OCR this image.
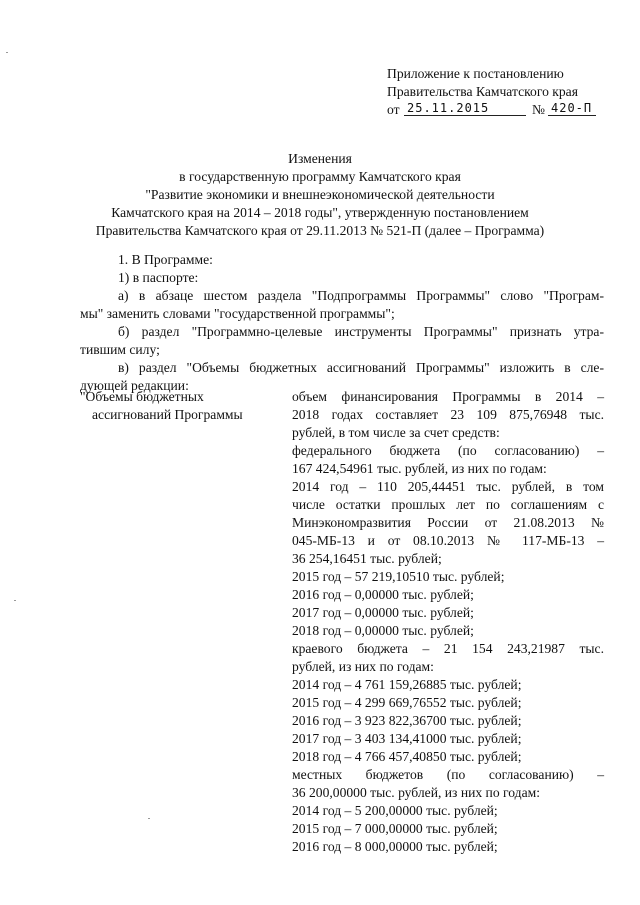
Приложение к постановлению
Правительства Камчатского края
от 25.11.2015	№ 420-П
Изменения
в государственную программу Камчатского края
"Развитие экономики и внешнеэкономической деятельности
Камчатского края на 2014 – 2018 годы", утвержденную постановлением
Правительства Камчатского края от 29.11.2013 № 521-П (далее – Программа)
1. В Программе:
1) в паспорте:
а) в абзаце шестом раздела "Подпрограммы Программы" слово "Програм-
мы" заменить словами "государственной программы";
б) раздел "Программно-целевые инструменты Программы" признать утра-
тившим силу;
в) раздел "Объемы бюджетных ассигнований Программы" изложить в сле-
дующей редакции:
"Объемы бюджетных
ассигнований Программы
объем финансирования Программы в 2014 –
2018 годах составляет 23 109 875,76948 тыс.
рублей, в том числе за счет средств:
федерального бюджета (по согласованию) –
167 424,54961 тыс. рублей, из них по годам:
2014 год – 110 205,44451 тыс. рублей, в том
числе остатки прошлых лет по соглашениям с
Минэкономразвития России от 21.08.2013 №
045-МБ-13 и от 08.10.2013 № 117-МБ-13 –
36 254,16451 тыс. рублей;
2015 год – 57 219,10510 тыс. рублей;
2016 год – 0,00000 тыс. рублей;
2017 год – 0,00000 тыс. рублей;
2018 год – 0,00000 тыс. рублей;
краевого бюджета – 21 154 243,21987 тыс.
рублей, из них по годам:
2014 год – 4 761 159,26885 тыс. рублей;
2015 год – 4 299 669,76552 тыс. рублей;
2016 год – 3 923 822,36700 тыс. рублей;
2017 год – 3 403 134,41000 тыс. рублей;
2018 год – 4 766 457,40850 тыс. рублей;
местных бюджетов (по согласованию) –
36 200,00000 тыс. рублей, из них по годам:
2014 год – 5 200,00000 тыс. рублей;
2015 год – 7 000,00000 тыс. рублей;
2016 год – 8 000,00000 тыс. рублей;
